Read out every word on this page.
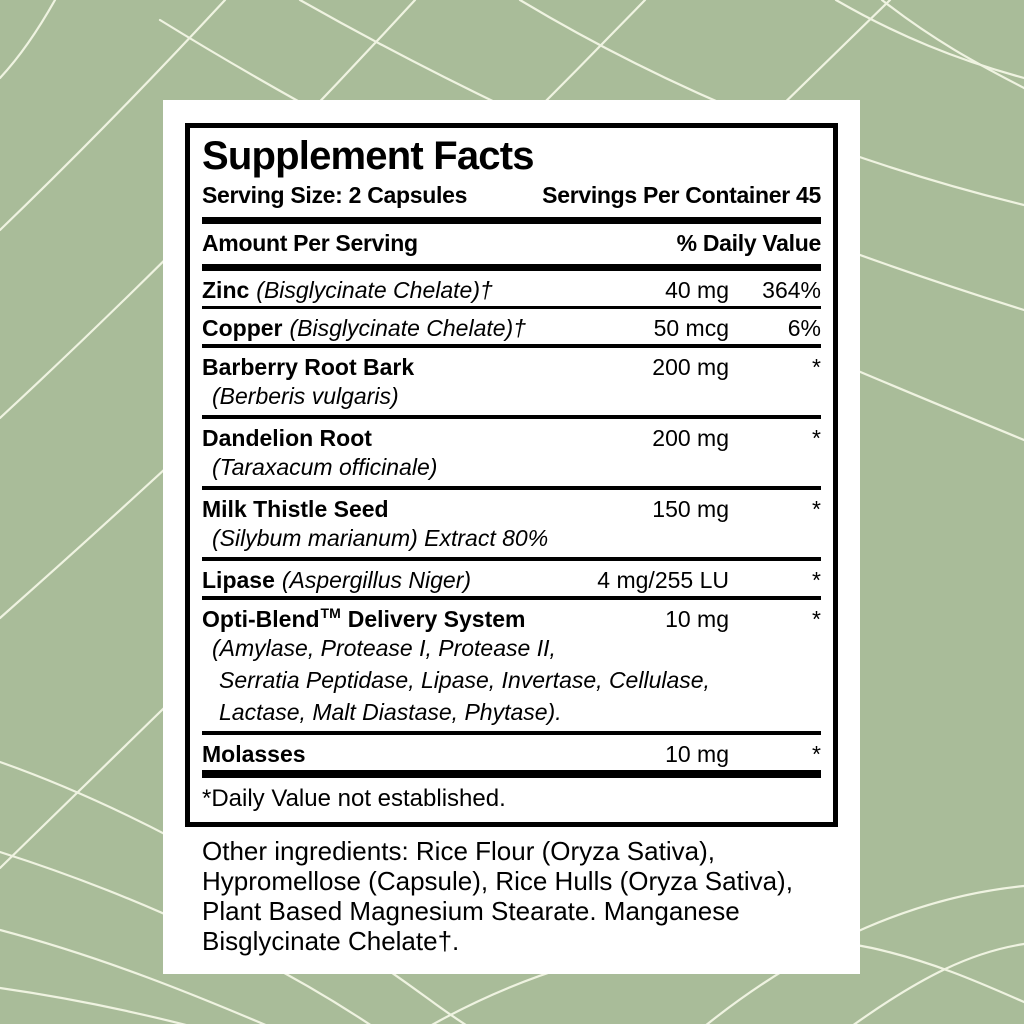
Supplement Facts
Serving Size: 2 Capsules	Servings Per Container 45
Amount Per Serving	% Daily Value
Zinc (Bisglycinate Chelate)†	40 mg	364%
Copper (Bisglycinate Chelate)†	50 mcg	6%
Barberry Root Bark	200 mg	*
(Berberis vulgaris)
Dandelion Root	200 mg	*
(Taraxacum officinale)
Milk Thistle Seed	150 mg	*
(Silybum marianum) Extract 80%
Lipase (Aspergillus Niger)	4 mg/255 LU	*
Opti-Blend™ Delivery System	10 mg	*
(Amylase, Protease I, Protease II,
Serratia Peptidase, Lipase, Invertase, Cellulase,
Lactase, Malt Diastase, Phytase).
Molasses	10 mg	*
*Daily Value not established.
Other ingredients: Rice Flour (Oryza Sativa),
Hypromellose (Capsule), Rice Hulls (Oryza Sativa),
Plant Based Magnesium Stearate. Manganese
Bisglycinate Chelate†.
